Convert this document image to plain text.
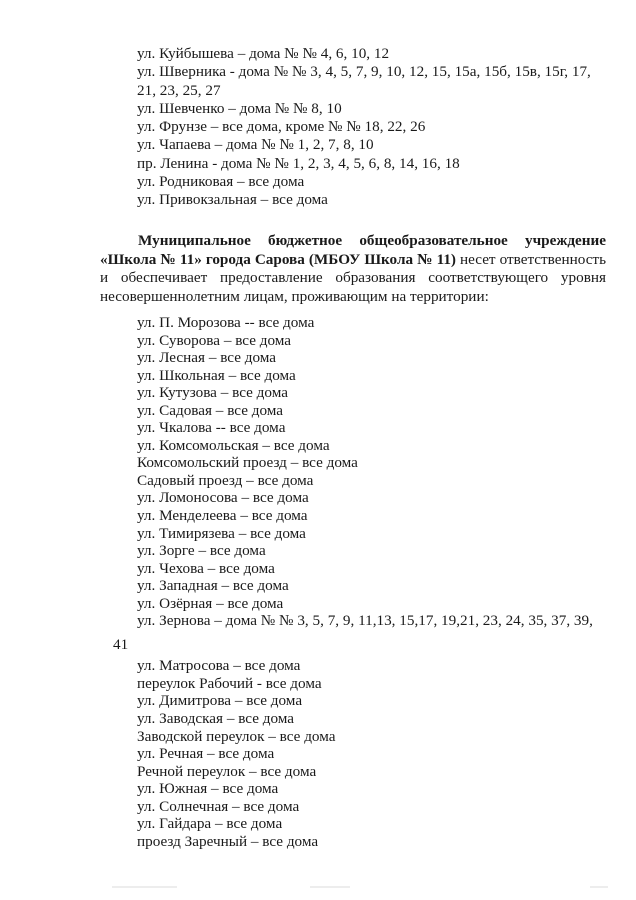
ул. Куйбышева – дома № № 4, 6, 10, 12
ул. Шверника - дома № № 3, 4, 5, 7, 9, 10, 12, 15, 15а, 15б, 15в, 15г, 17, 21, 23, 25, 27
ул. Шевченко – дома № № 8, 10
ул. Фрунзе – все дома, кроме № № 18, 22, 26
ул. Чапаева – дома № № 1, 2, 7, 8, 10
пр. Ленина - дома № № 1, 2, 3, 4, 5, 6, 8, 14, 16, 18
ул. Родниковая – все дома
ул. Привокзальная – все дома

Муниципальное бюджетное общеобразовательное учреждение «Школа № 11» города Сарова (МБОУ Школа № 11) несет ответственность и обеспечивает предоставление образования соответствующего уровня несовершеннолетним лицам, проживающим на территории:

ул. П. Морозова -- все дома
ул. Суворова – все дома
ул. Лесная – все дома
ул. Школьная – все дома
ул. Кутузова – все дома
ул. Садовая – все дома
ул. Чкалова -- все дома
ул. Комсомольская – все дома
Комсомольский проезд – все дома
Садовый проезд – все дома
ул. Ломоносова – все дома
ул. Менделеева – все дома
ул. Тимирязева – все дома
ул. Зорге – все дома
ул. Чехова – все дома
ул. Западная – все дома
ул. Озёрная – все дома
ул. Зернова – дома № № 3, 5, 7, 9, 11,13, 15,17, 19,21, 23, 24, 35, 37, 39,
41
ул. Матросова – все дома
переулок Рабочий - все дома
ул. Димитрова – все дома
ул. Заводская – все дома
Заводской переулок – все дома
ул. Речная – все дома
Речной переулок – все дома
ул. Южная – все дома
ул. Солнечная – все дома
ул. Гайдара – все дома
проезд Заречный – все дома
